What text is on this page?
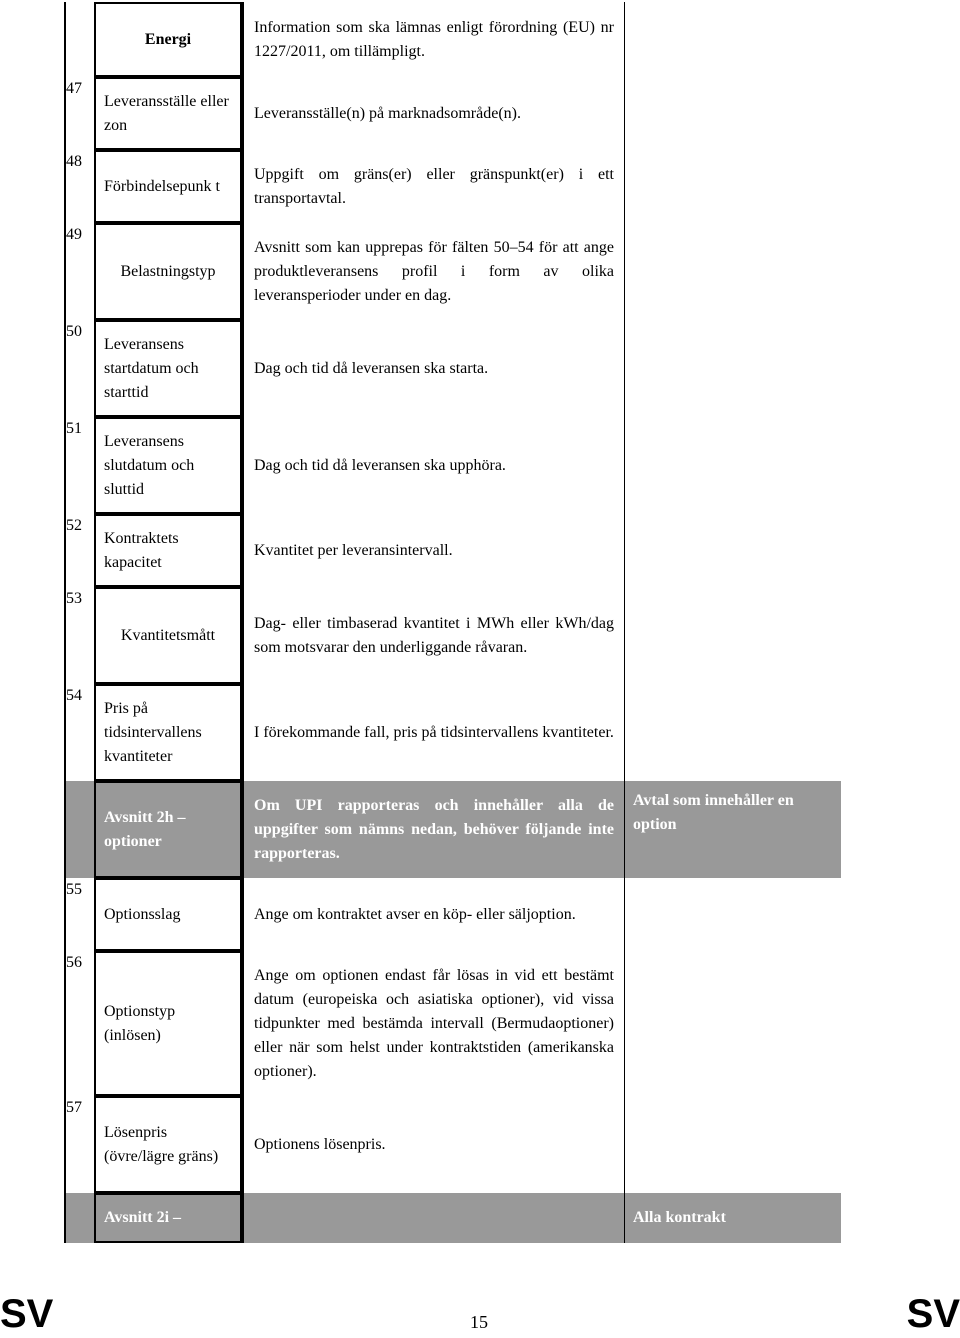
	Energi	Information som ska lämnas enligt förordning (EU) nr 1227/2011, om tillämpligt.	
47	Leveransställe eller zon	Leveransställe(n) på marknadsområde(n).	
48	Förbindelsepunk t	Uppgift om gräns(er) eller gränspunkt(er) i ett transportavtal.	
49	Belastningstyp	Avsnitt som kan upprepas för fälten 50–54 för att ange produktleveransens profil i form av olika leveransperioder under en dag.	
50	Leveransens startdatum och starttid	Dag och tid då leveransen ska starta.	
51	Leveransens slutdatum och sluttid	Dag och tid då leveransen ska upphöra.	
52	Kontraktets kapacitet	Kvantitet per leveransintervall.	
53	Kvantitetsmått	Dag- eller timbaserad kvantitet i MWh eller kWh/dag som motsvarar den underliggande råvaran.	
54	Pris på tidsintervallens kvantiteter	I förekommande fall, pris på tidsintervallens kvantiteter.	
	Avsnitt 2h – optioner	Om UPI rapporteras och innehåller alla de uppgifter som nämns nedan, behöver följande inte rapporteras.	Avtal som innehåller en option
55	Optionsslag	Ange om kontraktet avser en köp- eller säljoption.	
56	Optionstyp (inlösen)	Ange om optionen endast får lösas in vid ett bestämt datum (europeiska och asiatiska optioner), vid vissa tidpunkter med bestämda intervall (Bermudaoptioner) eller när som helst under kontraktstiden (amerikanska optioner).	
57	Lösenpris (övre/lägre gräns)	Optionens lösenpris.	
	Avsnitt 2i –		Alla kontrakt
SV	15	SV
